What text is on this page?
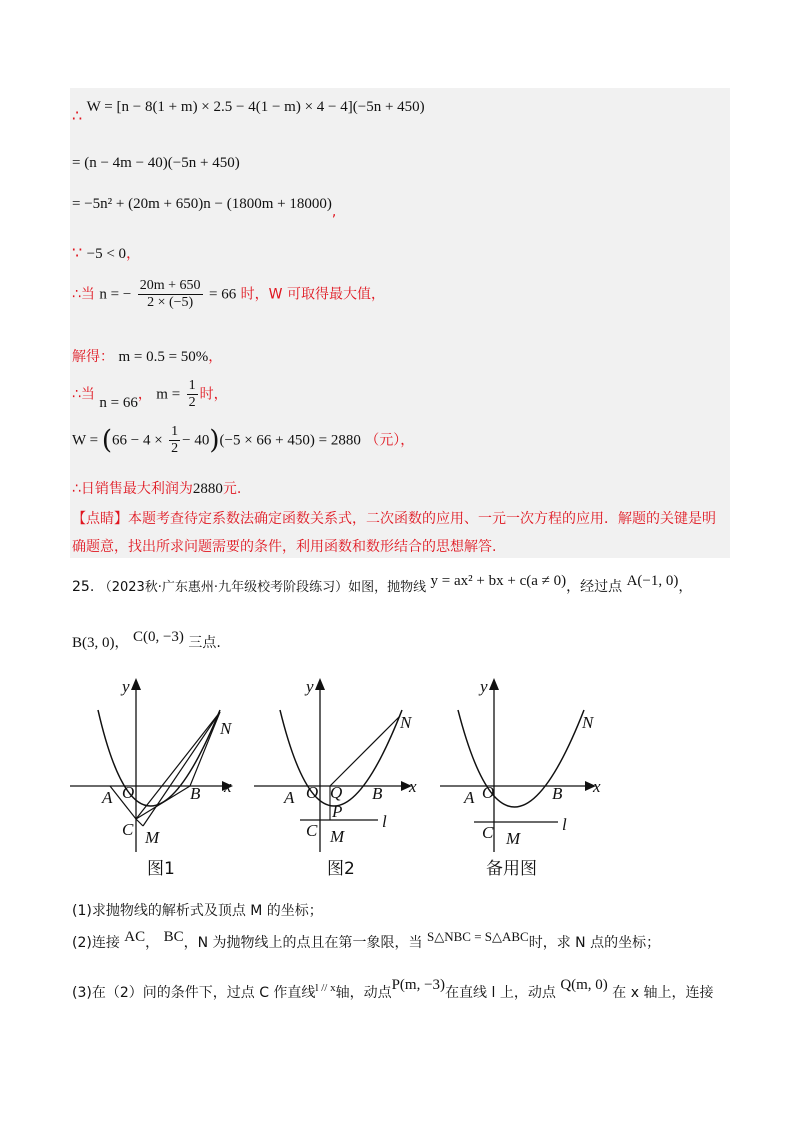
∴ W = [n − 8(1 + m) × 2.5 − 4(1 − m) × 4 − 4](−5n + 450)
= (n − 4m − 40)(−5n + 450)
= −5n² + (20m + 650)n − (1800m + 18000),
∵ −5 < 0，
∴当 n = − $\frac{20m + 650}{2 \times (-5)} = 66$ 时，W 可取得最大值，
解得： m = 0.5 = 50%，
∴当 n = 66， $m = \frac{1}{2}$ 时，
$W = (66 - 4 \times \frac{1}{2} - 40)(-5 \times 66 + 450) = 2880$ （元），
∴日销售最大利润为2880元.
【点睛】本题考查待定系数法确定函数关系式，二次函数的应用、一元一次方程的应用．解题的关键是明
确题意，找出所求问题需要的条件，利用函数和数形结合的思想解答.
25. （2023秋·广东惠州·九年级校考阶段练习）如图，抛物线 y = ax² + bx + c(a ≠ 0)，经过点 A(−1, 0)，
B(3, 0)， C(0, −3) 三点.
y
x
A O	B
C M
N
图1
y
x
A O Q
P
B
C M
l
N
图2
y
x
A O	B
C M
l
N
备用图
(1)求抛物线的解析式及顶点 M 的坐标；
(2)连接 AC， BC，N 为抛物线上的点且在第一象限，当 S△NBC = S△ABC时，求 N 点的坐标；
(3)在（2）问的条件下，过点 C 作直线$^{l // x}$轴，动点P(m, −3)在直线 l 上，动点 Q(m, 0) 在 x 轴上，连接
